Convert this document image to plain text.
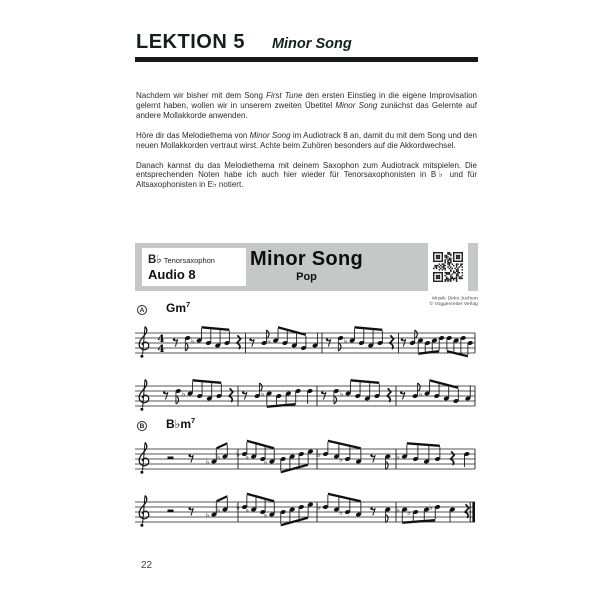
LEKTION 5 Minor Song

Nachdem wir bisher mit dem Song First Tune den ersten Einstieg in die eigene Improvisation gelernt haben, wollen wir in unserem zweiten Übetitel Minor Song zunächst das Gelernte auf andere Mollakkorde anwenden.

Höre dir das Melodiethema von Minor Song im Audiotrack 8 an, damit du mit dem Song und den neuen Mollakkorden vertraut wirst. Achte beim Zuhören besonders auf die Akkordwechsel.

Danach kannst du das Melodiethema mit deinem Saxophon zum Audiotrack mitspielen. Die entsprechenden Noten habe ich auch hier wieder für Tenorsaxophonisten in B♭ und für Altsaxophonisten in E♭ notiert.

B♭ Tenorsaxophon
Audio 8
Minor Song
Pop
Musik: Dirko Juchem
© Voggenreiter Verlag
A Gm$^7$
4
4
♭	♭	♭	♭
♭	♭	♭	♭
B $B♭m^7$
♭
♭ ♭ ♭
♭
♭
♭	♭
♭
♭ ♭ ♭
♭
♭
♭	♭ ♭
♭
22
